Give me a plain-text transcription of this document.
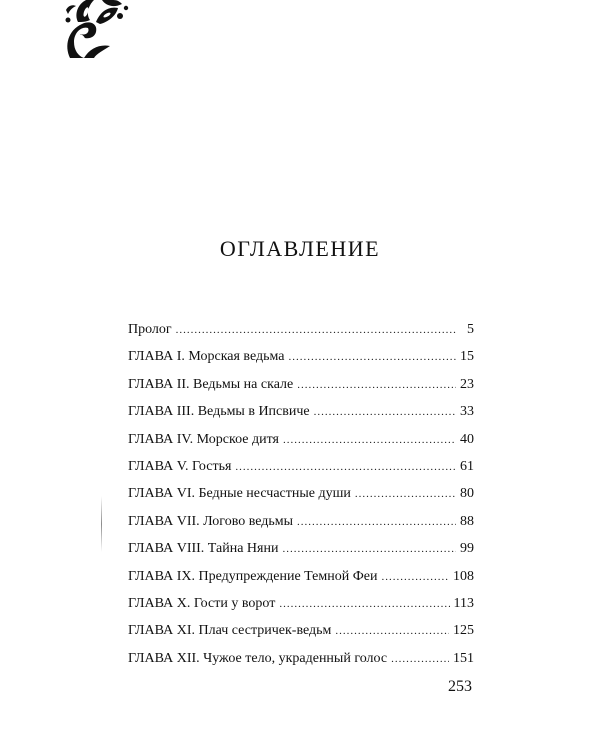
ОГЛАВЛЕНИЕ
Пролог .....	5
ГЛАВА I. Морская ведьма .....	15
ГЛАВА II. Ведьмы на скале .....	23
ГЛАВА III. Ведьмы в Ипсвиче .....	33
ГЛАВА IV. Морское дитя .....	40
ГЛАВА V. Гостья .....	61
ГЛАВА VI. Бедные несчастные души .....	80
ГЛАВА VII. Логово ведьмы .....	88
ГЛАВА VIII. Тайна Няни .....	99
ГЛАВА IX. Предупреждение Темной Феи .....	108
ГЛАВА X. Гости у ворот .....	113
ГЛАВА XI. Плач сестричек-ведьм .....	125
ГЛАВА XII. Чужое тело, украденный голос .....	151

253
